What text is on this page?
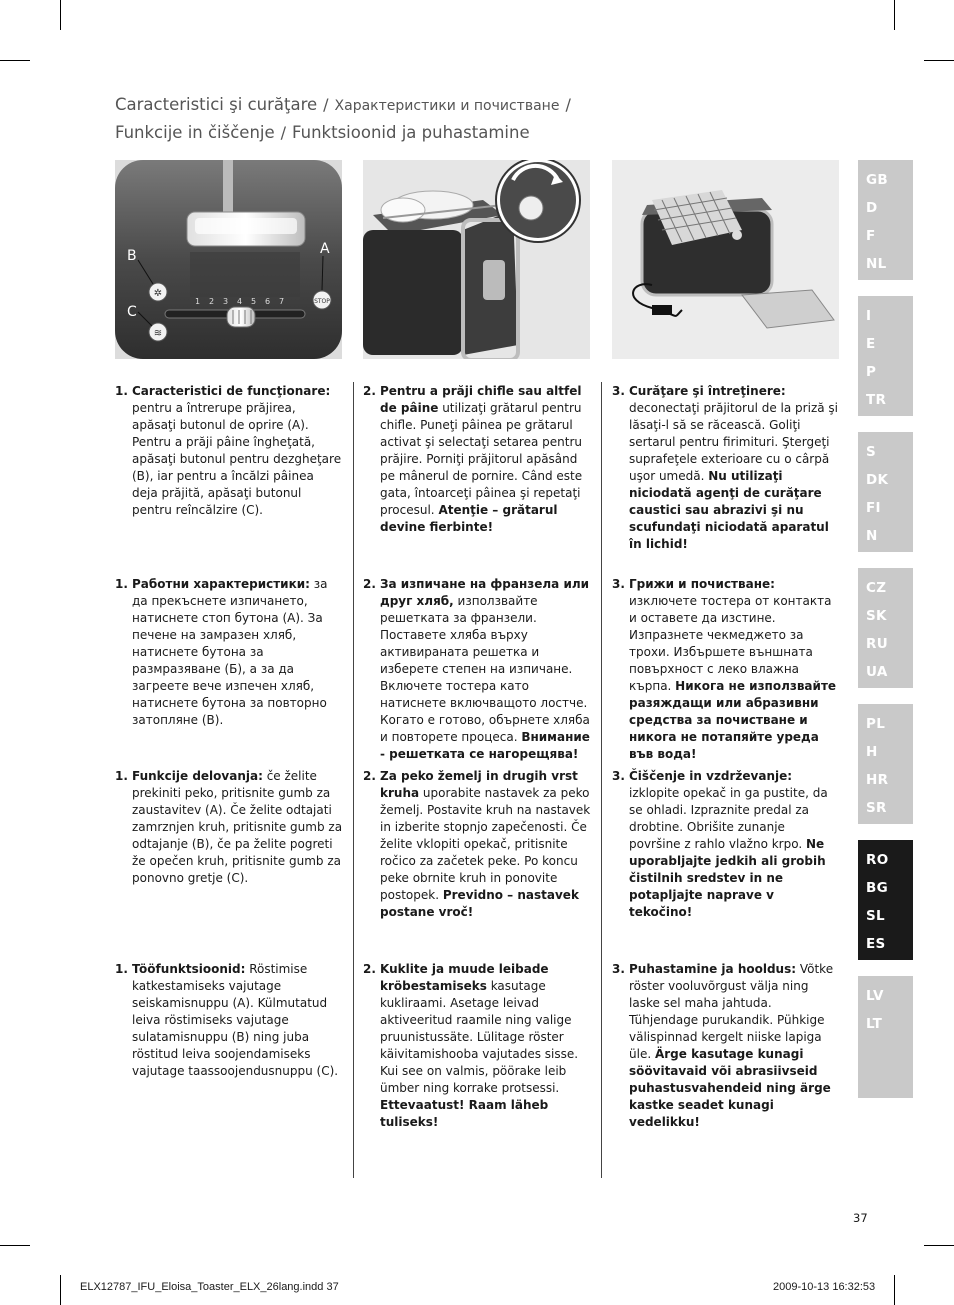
Caracteristici şi curăţare / Характеристики и почистване /
Funkcije in čiščenje / Funktsioonid ja puhastamine
✲
≋
STOP
B
C
A
1 2 3 4 5 6 7
1. Caracteristici de funcţionare: pentru a întrerupe prăjirea, apăsaţi butonul de oprire (A). Pentru a prăji pâine îngheţată, apăsaţi butonul pentru dezgheţare (B), iar pentru a încălzi pâinea deja prăjită, apăsaţi butonul pentru reîncălzire (C).
2. Pentru a prăji chifle sau altfel de pâine utilizaţi grătarul pentru chifle. Puneţi pâinea pe grătarul activat şi selectaţi setarea pentru prăjire. Porniţi prăjitorul apăsând pe mânerul de pornire. Când este gata, întoarceţi pâinea şi repetaţi procesul. Atenţie – grătarul devine fierbinte!
3. Curăţare şi întreţinere: deconectaţi prăjitorul de la priză şi lăsaţi-l să se răcească. Goliţi sertarul pentru firimituri. Ştergeţi suprafeţele exterioare cu o cârpă uşor umedă. Nu utilizaţi niciodată agenţi de curăţare caustici sau abrazivi şi nu scufundaţi niciodată aparatul în lichid!
1. Работни характеристики: за да прекъснете изпичането, натиснете стоп бутона (А). За печене на замразен хляб, натиснете бутона за размразяване (Б), а за да загреете вече изпечен хляб, натиснете бутона за повторно затопляне (В).
2. За изпичане на франзела или друг хляб, използвайте решетката за франзели. Поставете хляба върху активираната решетка и изберете степен на изпичане. Включете тостера като натиснете включващото лостче. Когато е готово, обърнете хляба и повторете процеса. Внимание - решетката се нагорещява!
3. Грижи и почистване: изключете тостера от контакта и оставете да изстине. Изпразнете чекмеджето за трохи. Избършете външната повърхност с леко влажна кърпа. Никога не използвайте разяждащи или абразивни средства за почистване и никога не потапяйте уреда във вода!
1. Funkcije delovanja: če želite prekiniti peko, pritisnite gumb za zaustavitev (A). Če želite odtajati zamrznjen kruh, pritisnite gumb za odtajanje (B), če pa želite pogreti že opečen kruh, pritisnite gumb za ponovno gretje (C).
2. Za peko žemelj in drugih vrst kruha uporabite nastavek za peko žemelj. Postavite kruh na nastavek in izberite stopnjo zapečenosti. Če želite vklopiti opekač, pritisnite ročico za začetek peke. Po koncu peke obrnite kruh in ponovite postopek. Previdno – nastavek postane vroč!
3. Čiščenje in vzdrževanje: izklopite opekač in ga pustite, da se ohladi. Izpraznite predal za drobtine. Obrišite zunanje površine z rahlo vlažno krpo. Ne uporabljajte jedkih ali grobih čistilnih sredstev in ne potapljajte naprave v tekočino!
1. Tööfunktsioonid: Röstimise katkestamiseks vajutage seiskamisnuppu (A). Külmutatud leiva röstimiseks vajutage sulatamisnuppu (B) ning juba röstitud leiva soojendamiseks vajutage taassoojendusnuppu (C).
2. Kuklite ja muude leibade kröbestamiseks kasutage kukliraami. Asetage leivad aktiveeritud raamile ning valige pruunistussäte. Lülitage röster käivitamishooba vajutades sisse. Kui see on valmis, pöörake leib ümber ning korrake protsessi. Ettevaatust! Raam läheb tuliseks!
3. Puhastamine ja hooldus: Võtke röster vooluvõrgust välja ning laske sel maha jahtuda. Tühjendage purukandik. Pühkige välispinnad kergelt niiske lapiga üle. Ärge kasutage kunagi söövitavaid või abrasiivseid puhastusvahendeid ning ärge kastke seadet kunagi vedelikku!
GB
D
F
NL
I
E
P
TR
S
DK
FI
N
CZ
SK
RU
UA
PL
H
HR
SR
RO
BG
SL
ES
LV
LT
37
ELX12787_IFU_Eloisa_Toaster_ELX_26lang.indd 37	2009-10-13 16:32:53
